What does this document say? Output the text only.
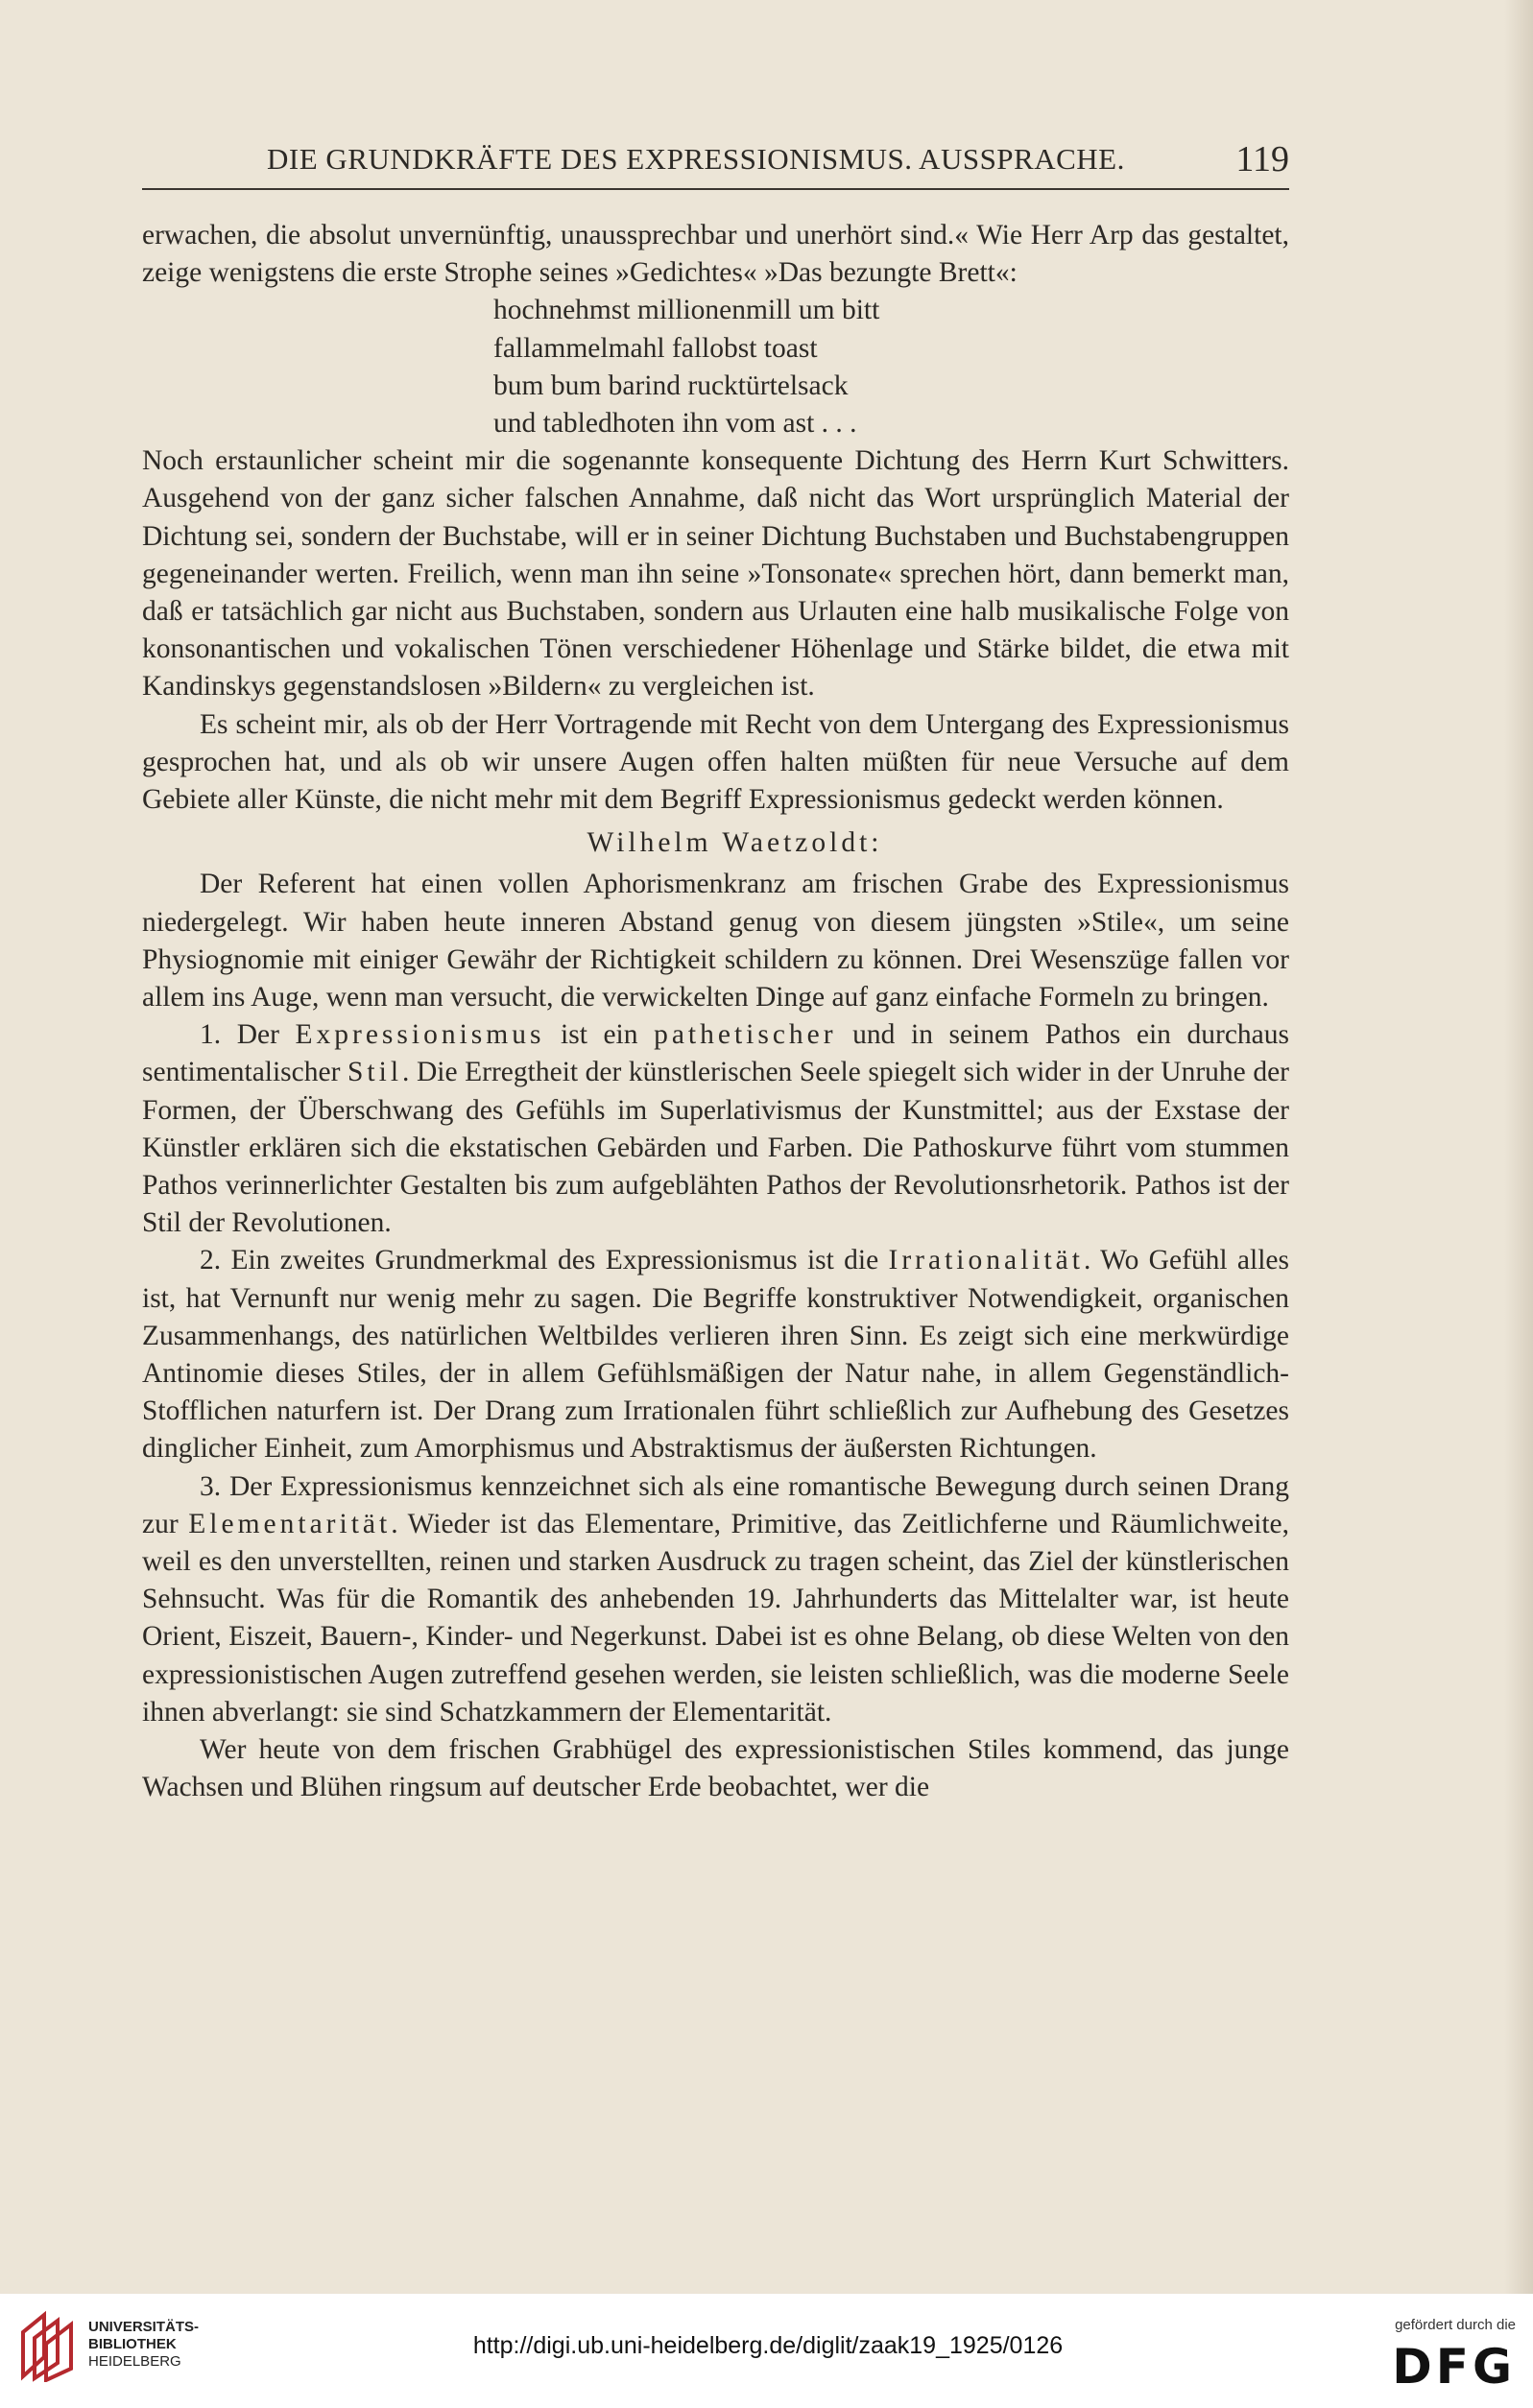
DIE GRUNDKRÄFTE DES EXPRESSIONISMUS. AUSSPRACHE.	119

erwachen, die absolut unvernünftig, unaussprechbar und unerhört sind.« Wie Herr Arp das gestaltet, zeige wenigstens die erste Strophe seines »Gedichtes« »Das bezungte Brett«:

hochnehmst millionenmill um bitt
fallammelmahl fallobst toast
bum bum barind rucktürtelsack
und tabledhoten ihn vom ast . . .

Noch erstaunlicher scheint mir die sogenannte konsequente Dichtung des Herrn Kurt Schwitters. Ausgehend von der ganz sicher falschen Annahme, daß nicht das Wort ursprünglich Material der Dichtung sei, sondern der Buchstabe, will er in seiner Dichtung Buchstaben und Buchstabengruppen gegeneinander werten. Freilich, wenn man ihn seine »Tonsonate« sprechen hört, dann bemerkt man, daß er tatsächlich gar nicht aus Buchstaben, sondern aus Urlauten eine halb musikalische Folge von konsonantischen und vokalischen Tönen verschiedener Höhenlage und Stärke bildet, die etwa mit Kandinskys gegenstandslosen »Bildern« zu vergleichen ist.

Es scheint mir, als ob der Herr Vortragende mit Recht von dem Untergang des Expressionismus gesprochen hat, und als ob wir unsere Augen offen halten müßten für neue Versuche auf dem Gebiete aller Künste, die nicht mehr mit dem Begriff Expressionismus gedeckt werden können.

Wilhelm Waetzoldt:

Der Referent hat einen vollen Aphorismenkranz am frischen Grabe des Expressionismus niedergelegt. Wir haben heute inneren Abstand genug von diesem jüngsten »Stile«, um seine Physiognomie mit einiger Gewähr der Richtigkeit schildern zu können. Drei Wesenszüge fallen vor allem ins Auge, wenn man versucht, die verwickelten Dinge auf ganz einfache Formeln zu bringen.

1. Der Expressionismus ist ein pathetischer und in seinem Pathos ein durchaus sentimentalischer Stil. Die Erregtheit der künstlerischen Seele spiegelt sich wider in der Unruhe der Formen, der Überschwang des Gefühls im Superlativismus der Kunstmittel; aus der Exstase der Künstler erklären sich die ekstatischen Gebärden und Farben. Die Pathoskurve führt vom stummen Pathos verinnerlichter Gestalten bis zum aufgeblähten Pathos der Revolutionsrhetorik. Pathos ist der Stil der Revolutionen.

2. Ein zweites Grundmerkmal des Expressionismus ist die Irrationalität. Wo Gefühl alles ist, hat Vernunft nur wenig mehr zu sagen. Die Begriffe konstruktiver Notwendigkeit, organischen Zusammenhangs, des natürlichen Weltbildes verlieren ihren Sinn. Es zeigt sich eine merkwürdige Antinomie dieses Stiles, der in allem Gefühlsmäßigen der Natur nahe, in allem Gegenständlich-Stofflichen naturfern ist. Der Drang zum Irrationalen führt schließlich zur Aufhebung des Gesetzes dinglicher Einheit, zum Amorphismus und Abstraktismus der äußersten Richtungen.

3. Der Expressionismus kennzeichnet sich als eine romantische Bewegung durch seinen Drang zur Elementarität. Wieder ist das Elementare, Primitive, das Zeitlichferne und Räumlichweite, weil es den unverstellten, reinen und starken Ausdruck zu tragen scheint, das Ziel der künstlerischen Sehnsucht. Was für die Romantik des anhebenden 19. Jahrhunderts das Mittelalter war, ist heute Orient, Eiszeit, Bauern-, Kinder- und Negerkunst. Dabei ist es ohne Belang, ob diese Welten von den expressionistischen Augen zutreffend gesehen werden, sie leisten schließlich, was die moderne Seele ihnen abverlangt: sie sind Schatzkammern der Elementarität.

Wer heute von dem frischen Grabhügel des expressionistischen Stiles kommend, das junge Wachsen und Blühen ringsum auf deutscher Erde beobachtet, wer die

UNIVERSITÄTS-
BIBLIOTHEK
HEIDELBERG
http://digi.ub.uni-heidelberg.de/diglit/zaak19_1925/0126
gefördert durch die
DFG
